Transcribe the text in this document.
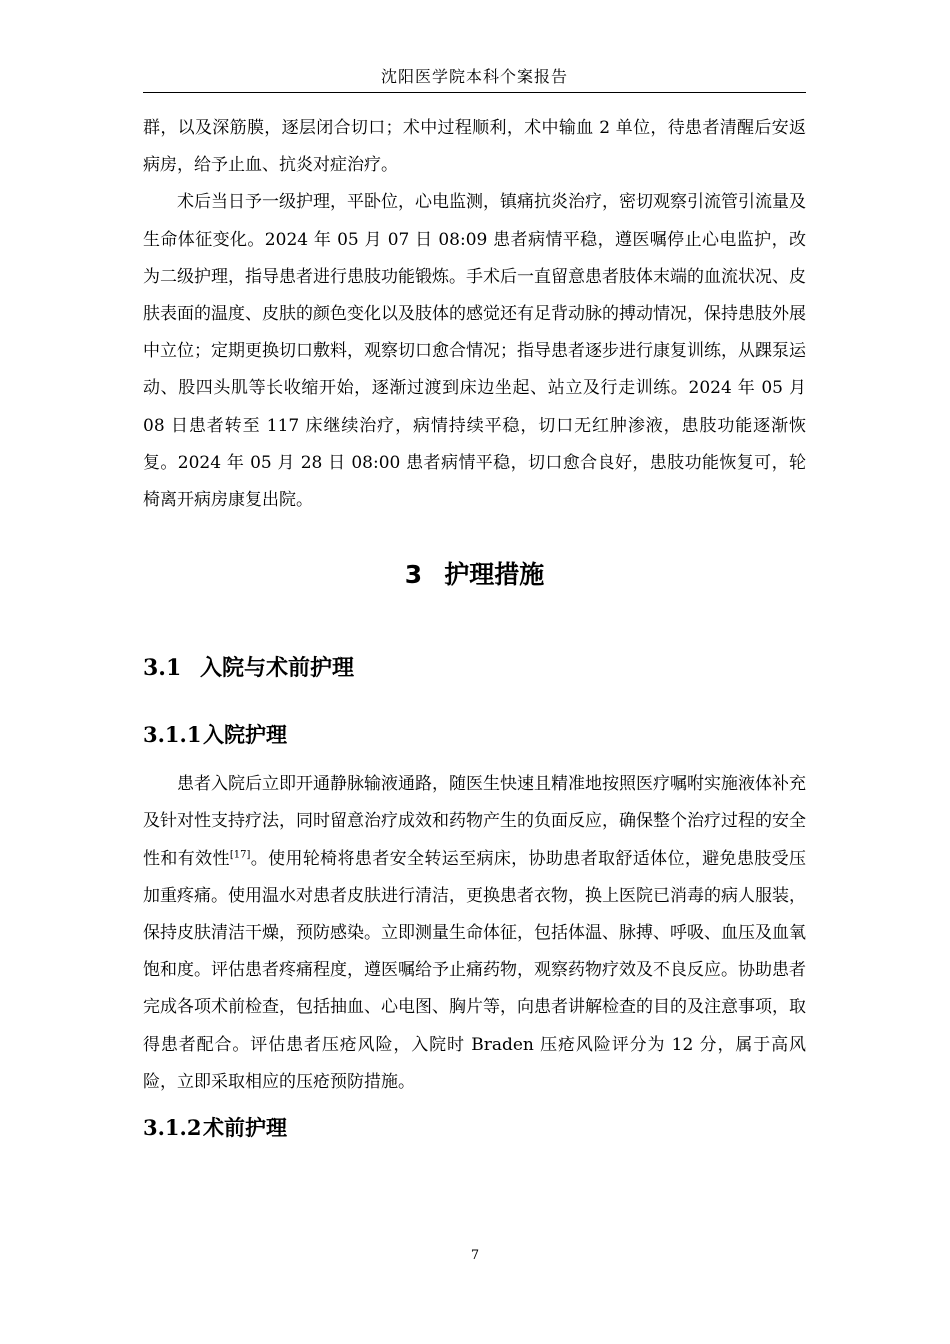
沈阳医学院本科个案报告

群，以及深筋膜，逐层闭合切口；术中过程顺利，术中输血 2 单位，待患者清醒后安返病房，给予止血、抗炎对症治疗。

术后当日予一级护理，平卧位，心电监测，镇痛抗炎治疗，密切观察引流管引流量及生命体征变化。2024 年 05 月 07 日 08:09 患者病情平稳，遵医嘱停止心电监护，改为二级护理，指导患者进行患肢功能锻炼。手术后一直留意患者肢体末端的血流状况、皮肤表面的温度、皮肤的颜色变化以及肢体的感觉还有足背动脉的搏动情况，保持患肢外展中立位；定期更换切口敷料，观察切口愈合情况；指导患者逐步进行康复训练，从踝泵运动、股四头肌等长收缩开始，逐渐过渡到床边坐起、站立及行走训练。2024 年 05 月 08 日患者转至 117 床继续治疗，病情持续平稳，切口无红肿渗液，患肢功能逐渐恢复。2024 年 05 月 28 日 08:00 患者病情平稳，切口愈合良好，患肢功能恢复可，轮椅离开病房康复出院。

3 护理措施
3.1 入院与术前护理
3.1.1入院护理

患者入院后立即开通静脉输液通路，随医生快速且精准地按照医疗嘱咐实施液体补充及针对性支持疗法，同时留意治疗成效和药物产生的负面反应，确保整个治疗过程的安全性和有效性[17]。使用轮椅将患者安全转运至病床，协助患者取舒适体位，避免患肢受压加重疼痛。使用温水对患者皮肤进行清洁，更换患者衣物，换上医院已消毒的病人服装，保持皮肤清洁干燥，预防感染。立即测量生命体征，包括体温、脉搏、呼吸、血压及血氧饱和度。评估患者疼痛程度，遵医嘱给予止痛药物，观察药物疗效及不良反应。协助患者完成各项术前检查，包括抽血、心电图、胸片等，向患者讲解检查的目的及注意事项，取得患者配合。评估患者压疮风险，入院时 Braden 压疮风险评分为 12 分，属于高风险，立即采取相应的压疮预防措施。

3.1.2术前护理
7
